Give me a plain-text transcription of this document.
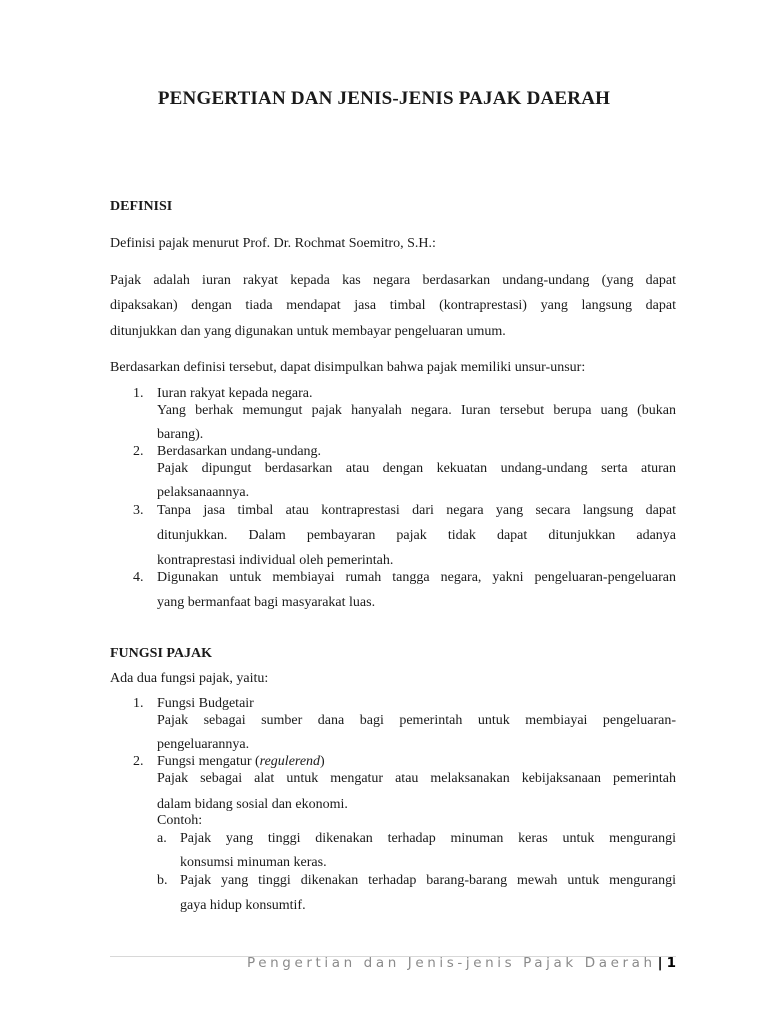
PENGERTIAN DAN JENIS-JENIS PAJAK DAERAH
DEFINISI
Definisi pajak menurut Prof. Dr. Rochmat Soemitro, S.H.:
Pajak adalah iuran rakyat kepada kas negara berdasarkan undang-undang (yang dapat
dipaksakan) dengan tiada mendapat jasa timbal (kontraprestasi) yang langsung dapat
ditunjukkan dan yang digunakan untuk membayar pengeluaran umum.
Berdasarkan definisi tersebut, dapat disimpulkan bahwa pajak memiliki unsur-unsur:
1. Iuran rakyat kepada negara.
Yang berhak memungut pajak hanyalah negara. Iuran tersebut berupa uang (bukan
barang).
2. Berdasarkan undang-undang.
Pajak dipungut berdasarkan atau dengan kekuatan undang-undang serta aturan
pelaksanaannya.
3. Tanpa jasa timbal atau kontraprestasi dari negara yang secara langsung dapat
ditunjukkan. Dalam pembayaran pajak tidak dapat ditunjukkan adanya
kontraprestasi individual oleh pemerintah.
4. Digunakan untuk membiayai rumah tangga negara, yakni pengeluaran-pengeluaran
yang bermanfaat bagi masyarakat luas.
FUNGSI PAJAK
Ada dua fungsi pajak, yaitu:
1. Fungsi Budgetair
Pajak sebagai sumber dana bagi pemerintah untuk membiayai pengeluaran-
pengeluarannya.
2. Fungsi mengatur (regulerend)
Pajak sebagai alat untuk mengatur atau melaksanakan kebijaksanaan pemerintah
dalam bidang sosial dan ekonomi.
Contoh:
a. Pajak yang tinggi dikenakan terhadap minuman keras untuk mengurangi
konsumsi minuman keras.
b. Pajak yang tinggi dikenakan terhadap barang-barang mewah untuk mengurangi
gaya hidup konsumtif.
Pengertian dan Jenis-jenis Pajak Daerah | 1
